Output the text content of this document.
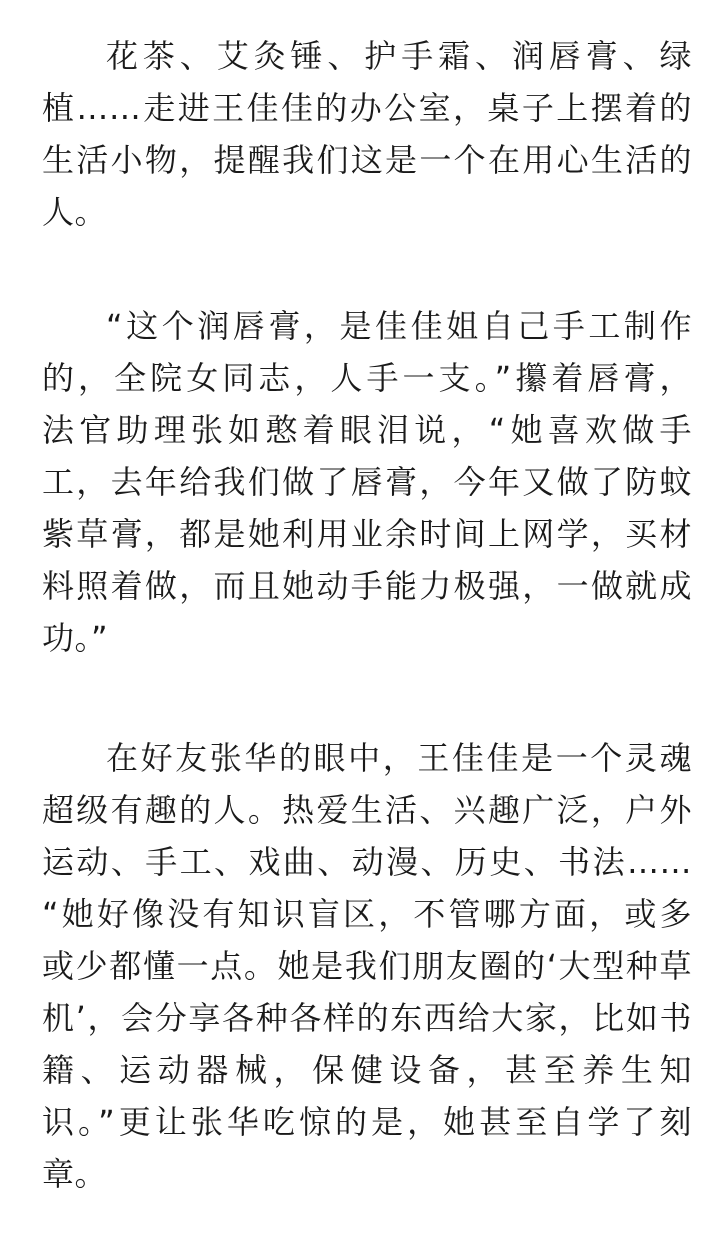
花茶、艾灸锤、护手霜、润唇膏、绿
植……走进王佳佳的办公室，桌子上摆着的
生活小物，提醒我们这是一个在用心生活的
人。
“这个润唇膏，是佳佳姐自己手工制作
的，全院女同志，人手一支。”攥着唇膏，
法官助理张如憨着眼泪说，“她喜欢做手
工，去年给我们做了唇膏，今年又做了防蚊
紫草膏，都是她利用业余时间上网学，买材
料照着做，而且她动手能力极强，一做就成
功。”
在好友张华的眼中，王佳佳是一个灵魂
超级有趣的人。热爱生活、兴趣广泛，户外
运动、手工、戏曲、动漫、历史、书法……
“她好像没有知识盲区，不管哪方面，或多
或少都懂一点。她是我们朋友圈的‘大型种草
机’，会分享各种各样的东西给大家，比如书
籍、运动器械，保健设备，甚至养生知
识。”更让张华吃惊的是，她甚至自学了刻
章。
